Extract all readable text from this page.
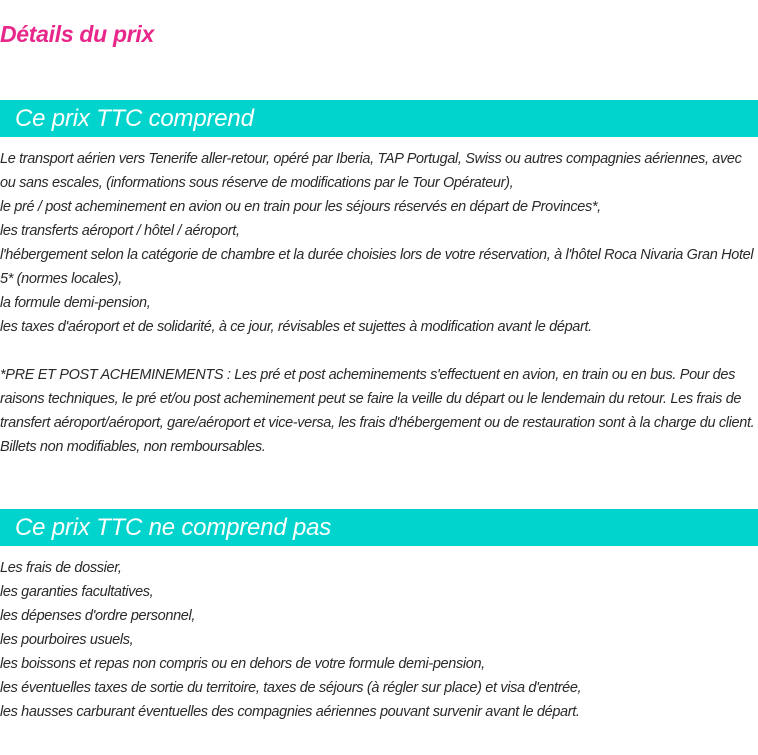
Détails du prix
Ce prix TTC comprend

Le transport aérien vers Tenerife aller-retour, opéré par Iberia, TAP Portugal, Swiss ou autres compagnies aériennes, avec ou sans escales, (informations sous réserve de modifications par le Tour Opérateur),

le pré / post acheminement en avion ou en train pour les séjours réservés en départ de Provinces*,

les transferts aéroport / hôtel / aéroport,

l'hébergement selon la catégorie de chambre et la durée choisies lors de votre réservation, à l'hôtel Roca Nivaria Gran Hotel 5* (normes locales),

la formule demi-pension,

les taxes d'aéroport et de solidarité, à ce jour, révisables et sujettes à modification avant le départ.

*PRE ET POST ACHEMINEMENTS : Les pré et post acheminements s'effectuent en avion, en train ou en bus. Pour des raisons techniques, le pré et/ou post acheminement peut se faire la veille du départ ou le lendemain du retour. Les frais de transfert aéroport/aéroport, gare/aéroport et vice-versa, les frais d'hébergement ou de restauration sont à la charge du client. Billets non modifiables, non remboursables.

Ce prix TTC ne comprend pas

Les frais de dossier,

les garanties facultatives,

les dépenses d'ordre personnel,

les pourboires usuels,

les boissons et repas non compris ou en dehors de votre formule demi-pension,

les éventuelles taxes de sortie du territoire, taxes de séjours (à régler sur place) et visa d'entrée,

les hausses carburant éventuelles des compagnies aériennes pouvant survenir avant le départ.
